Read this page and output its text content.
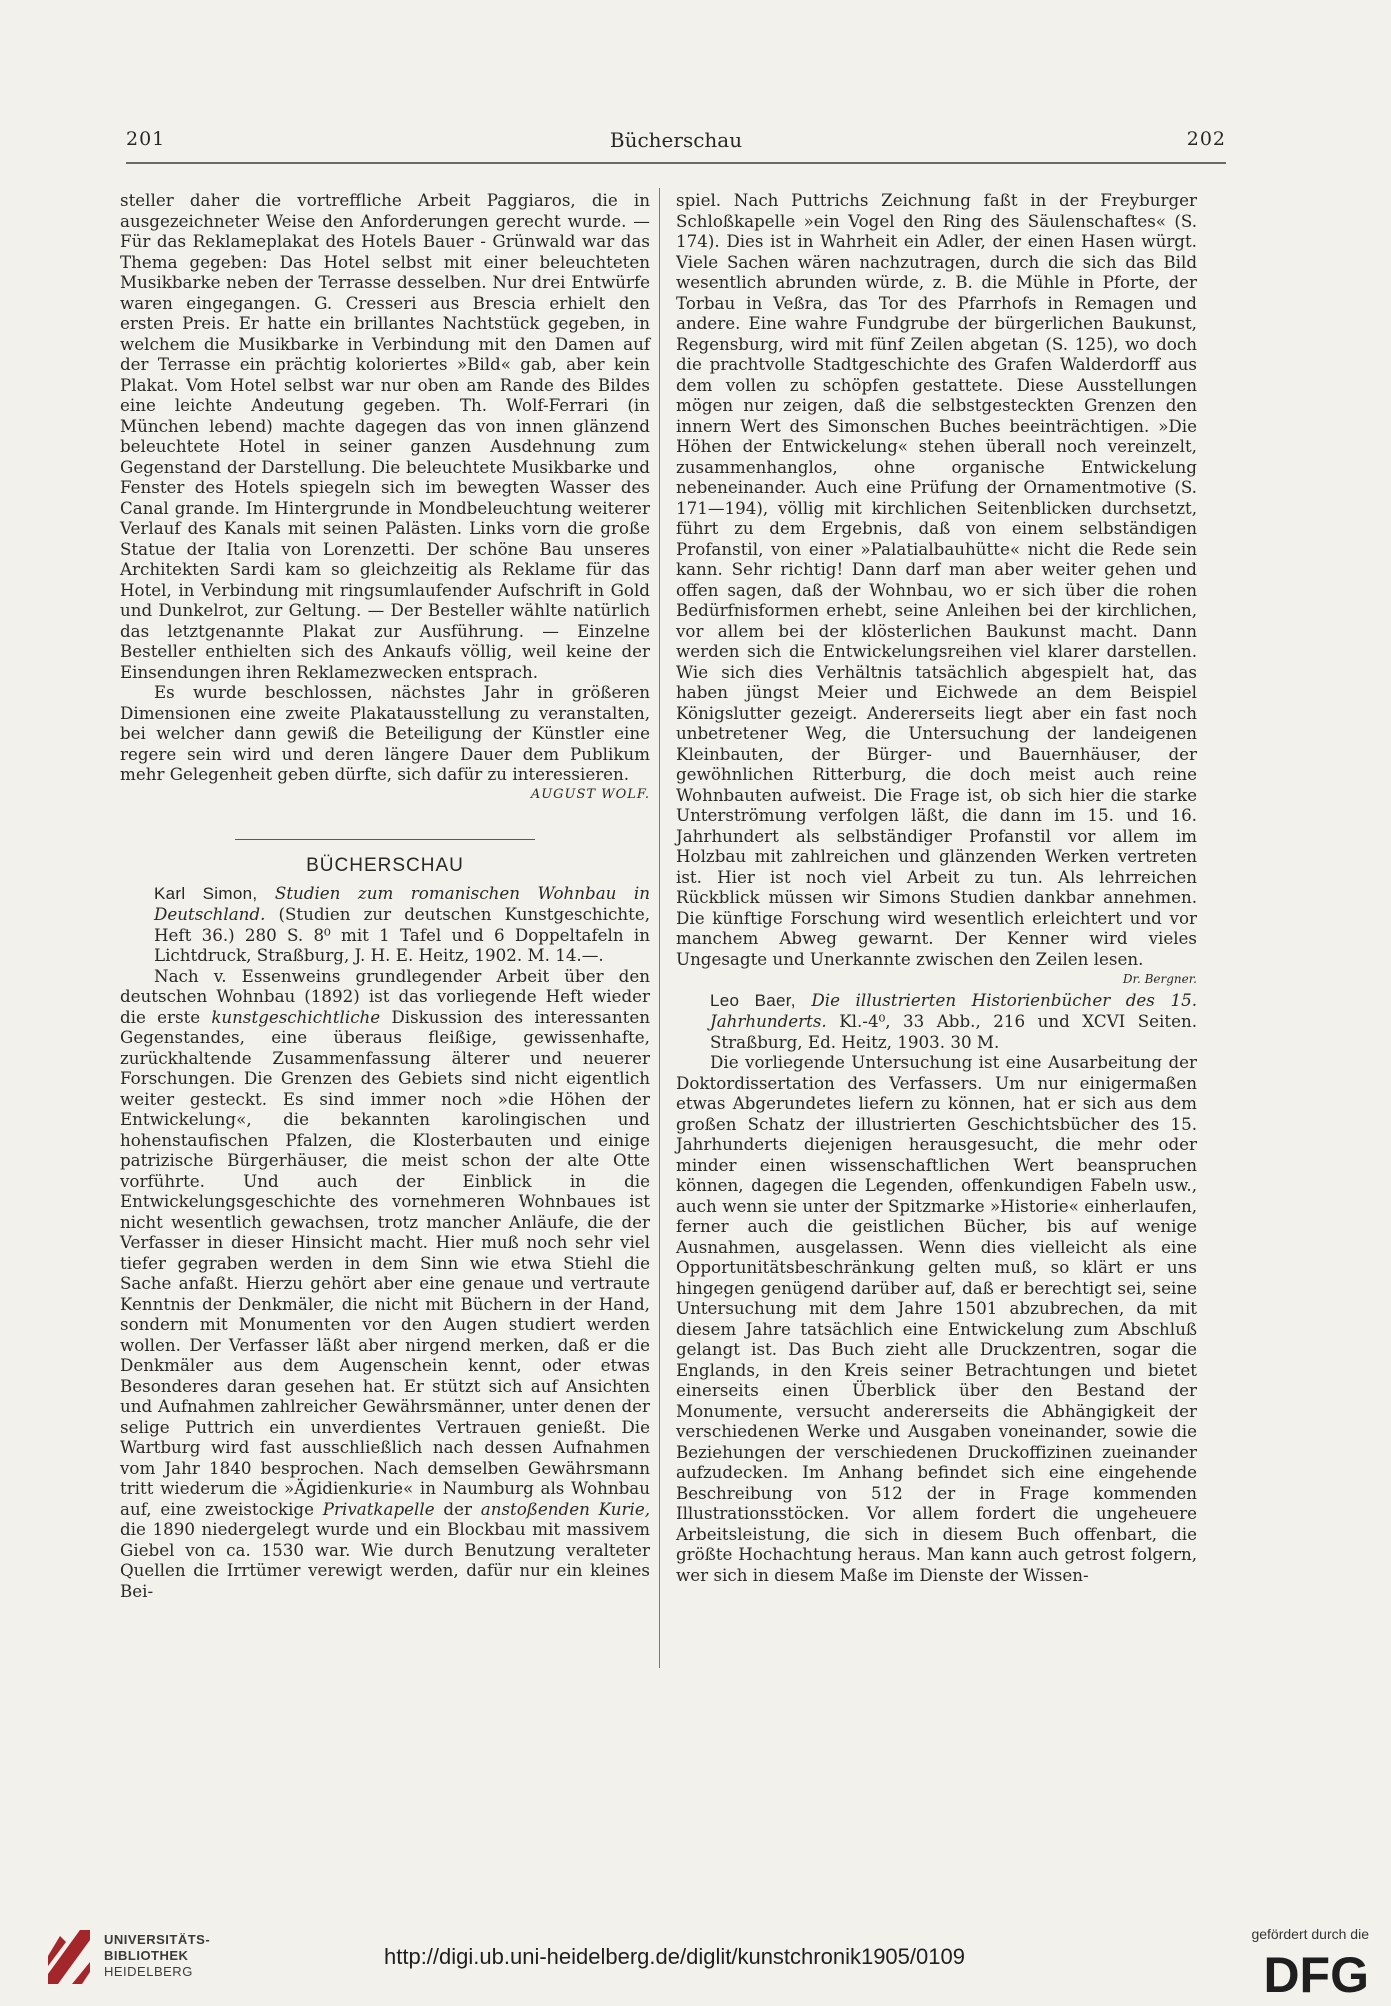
201	Bücherschau	202

steller daher die vortreffliche Arbeit Paggiaros, die in ausgezeichneter Weise den Anforderungen gerecht wurde. — Für das Reklameplakat des Hotels Bauer - Grünwald war das Thema gegeben: Das Hotel selbst mit einer beleuchteten Musikbarke neben der Terrasse desselben. Nur drei Entwürfe waren eingegangen. G. Cresseri aus Brescia erhielt den ersten Preis. Er hatte ein brillantes Nachtstück gegeben, in welchem die Musikbarke in Verbindung mit den Damen auf der Terrasse ein prächtig koloriertes »Bild« gab, aber kein Plakat. Vom Hotel selbst war nur oben am Rande des Bildes eine leichte Andeutung gegeben. Th. Wolf-Ferrari (in München lebend) machte dagegen das von innen glänzend beleuchtete Hotel in seiner ganzen Ausdehnung zum Gegenstand der Darstellung. Die beleuchtete Musikbarke und Fenster des Hotels spiegeln sich im bewegten Wasser des Canal grande. Im Hintergrunde in Mondbeleuchtung weiterer Verlauf des Kanals mit seinen Palästen. Links vorn die große Statue der Italia von Lorenzetti. Der schöne Bau unseres Architekten Sardi kam so gleichzeitig als Reklame für das Hotel, in Verbindung mit ringsumlaufender Aufschrift in Gold und Dunkelrot, zur Geltung. — Der Besteller wählte natürlich das letztgenannte Plakat zur Ausführung. — Einzelne Besteller enthielten sich des Ankaufs völlig, weil keine der Einsendungen ihren Reklamezwecken entsprach.

Es wurde beschlossen, nächstes Jahr in größeren Dimensionen eine zweite Plakatausstellung zu veranstalten, bei welcher dann gewiß die Beteiligung der Künstler eine regere sein wird und deren längere Dauer dem Publikum mehr Gelegenheit geben dürfte, sich dafür zu interessieren.

AUGUST WOLF.

BÜCHERSCHAU

Karl Simon, Studien zum romanischen Wohnbau in Deutschland. (Studien zur deutschen Kunstgeschichte, Heft 36.) 280 S. 8⁰ mit 1 Tafel und 6 Doppeltafeln in Lichtdruck, Straßburg, J. H. E. Heitz, 1902. M. 14.—.

Nach v. Essenweins grundlegender Arbeit über den deutschen Wohnbau (1892) ist das vorliegende Heft wieder die erste kunstgeschichtliche Diskussion des interessanten Gegenstandes, eine überaus fleißige, gewissenhafte, zurückhaltende Zusammenfassung älterer und neuerer Forschungen. Die Grenzen des Gebiets sind nicht eigentlich weiter gesteckt. Es sind immer noch »die Höhen der Entwickelung«, die bekannten karolingischen und hohenstaufischen Pfalzen, die Klosterbauten und einige patrizische Bürgerhäuser, die meist schon der alte Otte vorführte. Und auch der Einblick in die Entwickelungsgeschichte des vornehmeren Wohnbaues ist nicht wesentlich gewachsen, trotz mancher Anläufe, die der Verfasser in dieser Hinsicht macht. Hier muß noch sehr viel tiefer gegraben werden in dem Sinn wie etwa Stiehl die Sache anfaßt. Hierzu gehört aber eine genaue und vertraute Kenntnis der Denkmäler, die nicht mit Büchern in der Hand, sondern mit Monumenten vor den Augen studiert werden wollen. Der Verfasser läßt aber nirgend merken, daß er die Denkmäler aus dem Augenschein kennt, oder etwas Besonderes daran gesehen hat. Er stützt sich auf Ansichten und Aufnahmen zahlreicher Gewährsmänner, unter denen der selige Puttrich ein unverdientes Vertrauen genießt. Die Wartburg wird fast ausschließlich nach dessen Aufnahmen vom Jahr 1840 besprochen. Nach demselben Gewährsmann tritt wiederum die »Ägidienkurie« in Naumburg als Wohnbau auf, eine zweistockige Privatkapelle der anstoßenden Kurie, die 1890 niedergelegt wurde und ein Blockbau mit massivem Giebel von ca. 1530 war. Wie durch Benutzung veralteter Quellen die Irrtümer verewigt werden, dafür nur ein kleines Bei-

spiel. Nach Puttrichs Zeichnung faßt in der Freyburger Schloßkapelle »ein Vogel den Ring des Säulenschaftes« (S. 174). Dies ist in Wahrheit ein Adler, der einen Hasen würgt. Viele Sachen wären nachzutragen, durch die sich das Bild wesentlich abrunden würde, z. B. die Mühle in Pforte, der Torbau in Veßra, das Tor des Pfarrhofs in Remagen und andere. Eine wahre Fundgrube der bürgerlichen Baukunst, Regensburg, wird mit fünf Zeilen abgetan (S. 125), wo doch die prachtvolle Stadtgeschichte des Grafen Walderdorff aus dem vollen zu schöpfen gestattete. Diese Ausstellungen mögen nur zeigen, daß die selbstgesteckten Grenzen den innern Wert des Simonschen Buches beeinträchtigen. »Die Höhen der Entwickelung« stehen überall noch vereinzelt, zusammenhanglos, ohne organische Entwickelung nebeneinander. Auch eine Prüfung der Ornamentmotive (S. 171—194), völlig mit kirchlichen Seitenblicken durchsetzt, führt zu dem Ergebnis, daß von einem selbständigen Profanstil, von einer »Palatialbauhütte« nicht die Rede sein kann. Sehr richtig! Dann darf man aber weiter gehen und offen sagen, daß der Wohnbau, wo er sich über die rohen Bedürfnisformen erhebt, seine Anleihen bei der kirchlichen, vor allem bei der klösterlichen Baukunst macht. Dann werden sich die Entwickelungsreihen viel klarer darstellen. Wie sich dies Verhältnis tatsächlich abgespielt hat, das haben jüngst Meier und Eichwede an dem Beispiel Königslutter gezeigt. Andererseits liegt aber ein fast noch unbetretener Weg, die Untersuchung der landeigenen Kleinbauten, der Bürger- und Bauernhäuser, der gewöhnlichen Ritterburg, die doch meist auch reine Wohnbauten aufweist. Die Frage ist, ob sich hier die starke Unterströmung verfolgen läßt, die dann im 15. und 16. Jahrhundert als selbständiger Profanstil vor allem im Holzbau mit zahlreichen und glänzenden Werken vertreten ist. Hier ist noch viel Arbeit zu tun. Als lehrreichen Rückblick müssen wir Simons Studien dankbar annehmen. Die künftige Forschung wird wesentlich erleichtert und vor manchem Abweg gewarnt. Der Kenner wird vieles Ungesagte und Unerkannte zwischen den Zeilen lesen.

Dr. Bergner.

Leo Baer, Die illustrierten Historienbücher des 15. Jahrhunderts. Kl.-4⁰, 33 Abb., 216 und XCVI Seiten. Straßburg, Ed. Heitz, 1903. 30 M.

Die vorliegende Untersuchung ist eine Ausarbeitung der Doktordissertation des Verfassers. Um nur einigermaßen etwas Abgerundetes liefern zu können, hat er sich aus dem großen Schatz der illustrierten Geschichtsbücher des 15. Jahrhunderts diejenigen herausgesucht, die mehr oder minder einen wissenschaftlichen Wert beanspruchen können, dagegen die Legenden, offenkundigen Fabeln usw., auch wenn sie unter der Spitzmarke »Historie« einherlaufen, ferner auch die geistlichen Bücher, bis auf wenige Ausnahmen, ausgelassen. Wenn dies vielleicht als eine Opportunitätsbeschränkung gelten muß, so klärt er uns hingegen genügend darüber auf, daß er berechtigt sei, seine Untersuchung mit dem Jahre 1501 abzubrechen, da mit diesem Jahre tatsächlich eine Entwickelung zum Abschluß gelangt ist. Das Buch zieht alle Druckzentren, sogar die Englands, in den Kreis seiner Betrachtungen und bietet einerseits einen Überblick über den Bestand der Monumente, versucht andererseits die Abhängigkeit der verschiedenen Werke und Ausgaben voneinander, sowie die Beziehungen der verschiedenen Druckoffizinen zueinander aufzudecken. Im Anhang befindet sich eine eingehende Beschreibung von 512 der in Frage kommenden Illustrationsstöcken. Vor allem fordert die ungeheuere Arbeitsleistung, die sich in diesem Buch offenbart, die größte Hochachtung heraus. Man kann auch getrost folgern, wer sich in diesem Maße im Dienste der Wissen-

UNIVERSITÄTS-
BIBLIOTHEK
HEIDELBERG
http://digi.ub.uni-heidelberg.de/diglit/kunstchronik1905/0109
gefördert durch die
DFG
